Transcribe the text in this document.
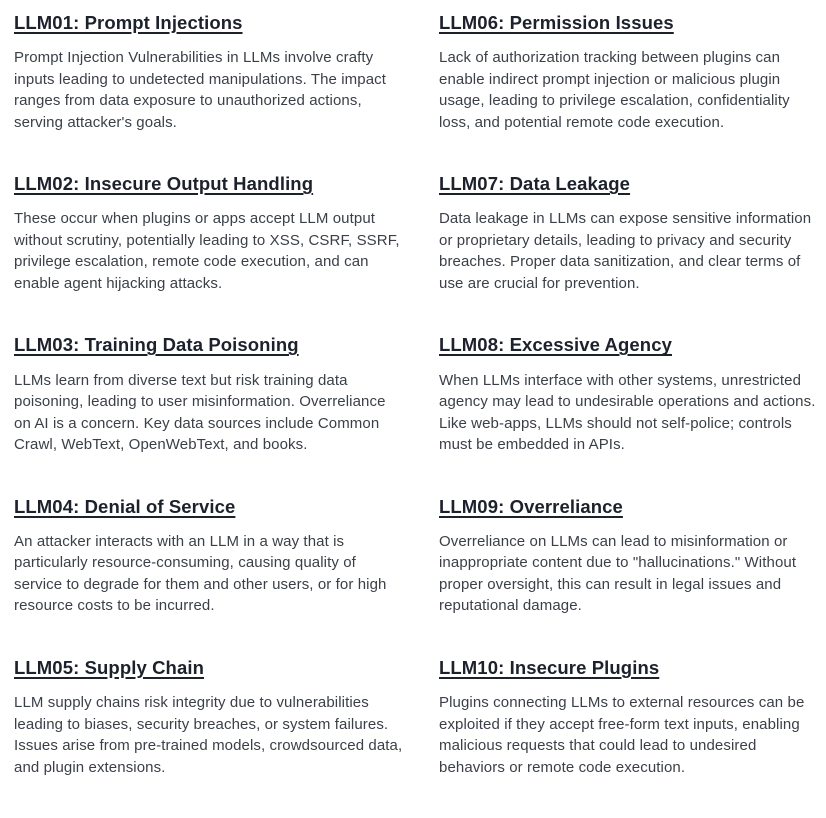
LLM01: Prompt Injections

Prompt Injection Vulnerabilities in LLMs involve crafty inputs leading to undetected manipulations. The impact ranges from data exposure to unauthorized actions, serving attacker's goals.

LLM02: Insecure Output Handling

These occur when plugins or apps accept LLM output without scrutiny, potentially leading to XSS, CSRF, SSRF, privilege escalation, remote code execution, and can enable agent hijacking attacks.

LLM03: Training Data Poisoning

LLMs learn from diverse text but risk training data poisoning, leading to user misinformation. Overreliance on AI is a concern. Key data sources include Common Crawl, WebText, OpenWebText, and books.

LLM04: Denial of Service

An attacker interacts with an LLM in a way that is particularly resource-consuming, causing quality of service to degrade for them and other users, or for high resource costs to be incurred.

LLM05: Supply Chain

LLM supply chains risk integrity due to vulnerabilities leading to biases, security breaches, or system failures. Issues arise from pre-trained models, crowdsourced data, and plugin extensions.

LLM06: Permission Issues

Lack of authorization tracking between plugins can enable indirect prompt injection or malicious plugin usage, leading to privilege escalation, confidentiality loss, and potential remote code execution.

LLM07: Data Leakage

Data leakage in LLMs can expose sensitive information or proprietary details, leading to privacy and security breaches. Proper data sanitization, and clear terms of use are crucial for prevention.

LLM08: Excessive Agency

When LLMs interface with other systems, unrestricted agency may lead to undesirable operations and actions. Like web-apps, LLMs should not self-police; controls must be embedded in APIs.

LLM09: Overreliance

Overreliance on LLMs can lead to misinformation or inappropriate content due to "hallucinations." Without proper oversight, this can result in legal issues and reputational damage.

LLM10: Insecure Plugins

Plugins connecting LLMs to external resources can be exploited if they accept free-form text inputs, enabling malicious requests that could lead to undesired behaviors or remote code execution.
